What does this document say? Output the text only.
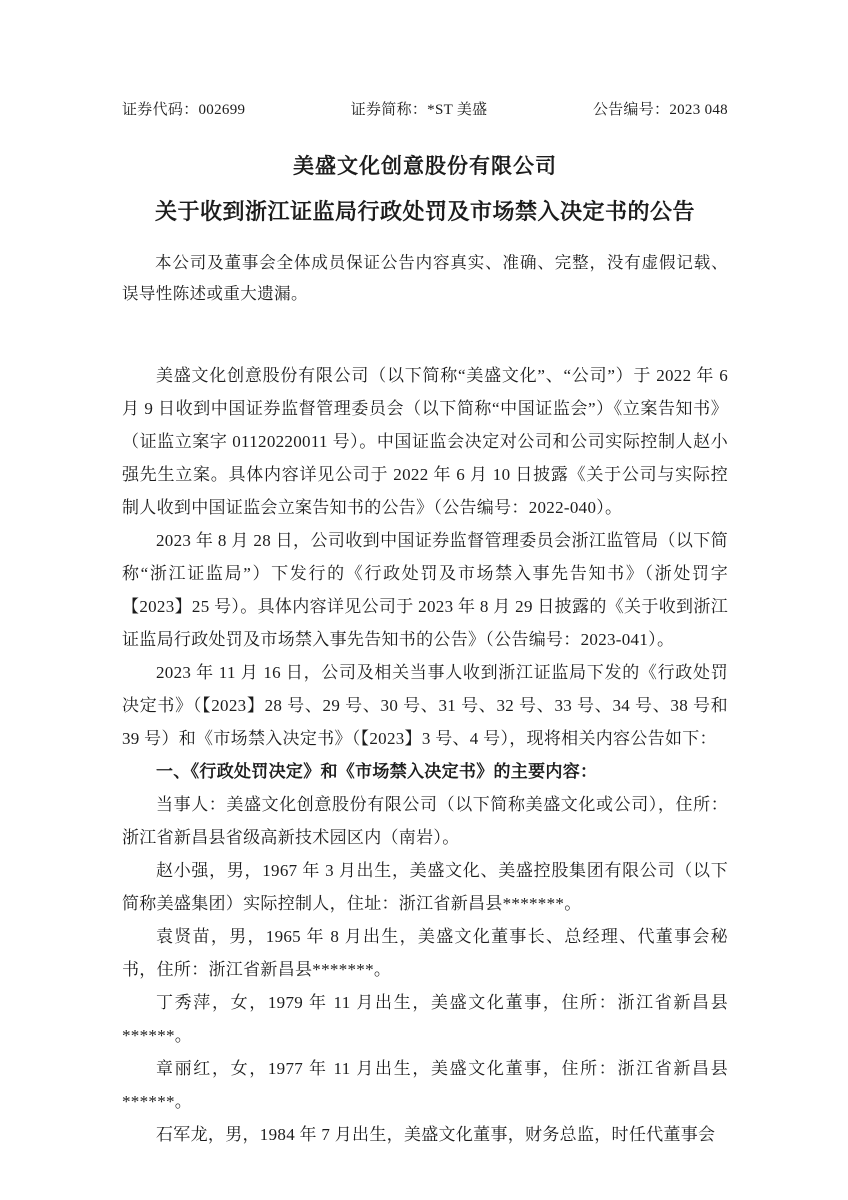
证券代码：002699	证券简称：*ST 美盛	公告编号：2023 048
美盛文化创意股份有限公司
关于收到浙江证监局行政处罚及市场禁入决定书的公告
本公司及董事会全体成员保证公告内容真实、准确、完整，没有虚假记载、误导性陈述或重大遗漏。

美盛文化创意股份有限公司（以下简称“美盛文化”、“公司”）于 2022 年 6 月 9 日收到中国证券监督管理委员会（以下简称“中国证监会”）《立案告知书》（证监立案字 01120220011 号）。中国证监会决定对公司和公司实际控制人赵小强先生立案。具体内容详见公司于 2022 年 6 月 10 日披露《关于公司与实际控制人收到中国证监会立案告知书的公告》（公告编号：2022-040）。

2023 年 8 月 28 日，公司收到中国证券监督管理委员会浙江监管局（以下简称“浙江证监局”）下发行的《行政处罚及市场禁入事先告知书》（浙处罚字【2023】25 号）。具体内容详见公司于 2023 年 8 月 29 日披露的《关于收到浙江证监局行政处罚及市场禁入事先告知书的公告》（公告编号：2023-041）。

2023 年 11 月 16 日，公司及相关当事人收到浙江证监局下发的《行政处罚决定书》（【2023】28 号、29 号、30 号、31 号、32 号、33 号、34 号、38 号和 39 号）和《市场禁入决定书》（【2023】3 号、4 号），现将相关内容公告如下：

一、《行政处罚决定》和《市场禁入决定书》的主要内容：

当事人：美盛文化创意股份有限公司（以下简称美盛文化或公司），住所：浙江省新昌县省级高新技术园区内（南岩）。

赵小强，男，1967 年 3 月出生，美盛文化、美盛控股集团有限公司（以下简称美盛集团）实际控制人，住址：浙江省新昌县*******。

袁贤苗，男，1965 年 8 月出生，美盛文化董事长、总经理、代董事会秘书，住所：浙江省新昌县*******。

丁秀萍，女，1979 年 11 月出生，美盛文化董事，住所：浙江省新昌县******。

章丽红，女，1977 年 11 月出生，美盛文化董事，住所：浙江省新昌县******。

石军龙，男，1984 年 7 月出生，美盛文化董事，财务总监，时任代董事会
